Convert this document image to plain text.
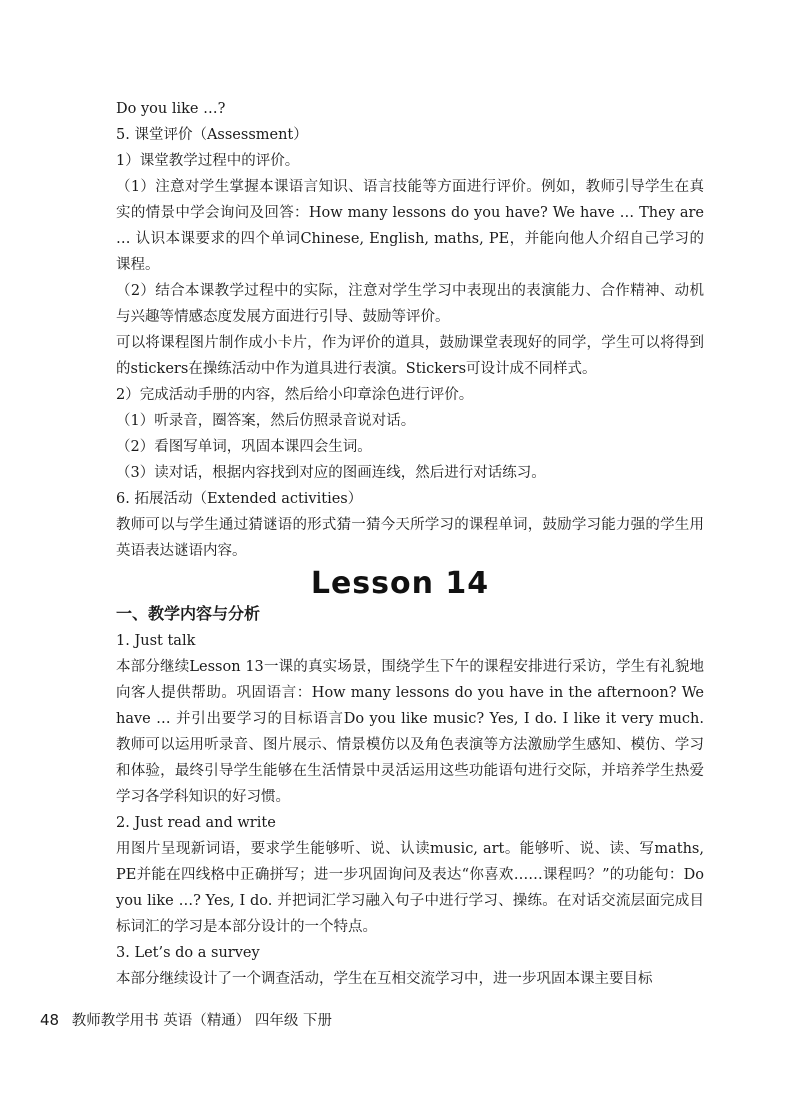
Do you like …?
5. 课堂评价（Assessment）
1）课堂教学过程中的评价。
（1）注意对学生掌握本课语言知识、语言技能等方面进行评价。例如，教师引导学生在真实的情景中学会询问及回答：How many lessons do you have? We have … They are … 认识本课要求的四个单词Chinese, English, maths, PE，并能向他人介绍自己学习的课程。
（2）结合本课教学过程中的实际，注意对学生学习中表现出的表演能力、合作精神、动机与兴趣等情感态度发展方面进行引导、鼓励等评价。
可以将课程图片制作成小卡片，作为评价的道具，鼓励课堂表现好的同学，学生可以将得到的stickers在操练活动中作为道具进行表演。Stickers可设计成不同样式。
2）完成活动手册的内容，然后给小印章涂色进行评价。
（1）听录音，圈答案，然后仿照录音说对话。
（2）看图写单词，巩固本课四会生词。
（3）读对话，根据内容找到对应的图画连线，然后进行对话练习。
6. 拓展活动（Extended activities）
教师可以与学生通过猜谜语的形式猜一猜今天所学习的课程单词，鼓励学习能力强的学生用英语表达谜语内容。
Lesson 14
一、教学内容与分析
1. Just talk
本部分继续Lesson 13一课的真实场景，围绕学生下午的课程安排进行采访，学生有礼貌地向客人提供帮助。巩固语言：How many lessons do you have in the afternoon? We have … 并引出要学习的目标语言Do you like music? Yes, I do. I like it very much. 教师可以运用听录音、图片展示、情景模仿以及角色表演等方法激励学生感知、模仿、学习和体验，最终引导学生能够在生活情景中灵活运用这些功能语句进行交际，并培养学生热爱学习各学科知识的好习惯。
2. Just read and write
用图片呈现新词语，要求学生能够听、说、认读music, art。能够听、说、读、写maths, PE并能在四线格中正确拼写；进一步巩固询问及表达“你喜欢……课程吗？”的功能句：Do you like …? Yes, I do. 并把词汇学习融入句子中进行学习、操练。在对话交流层面完成目标词汇的学习是本部分设计的一个特点。
3. Let’s do a survey
本部分继续设计了一个调查活动，学生在互相交流学习中，进一步巩固本课主要目标
48 教师教学用书 英语（精通） 四年级 下册
